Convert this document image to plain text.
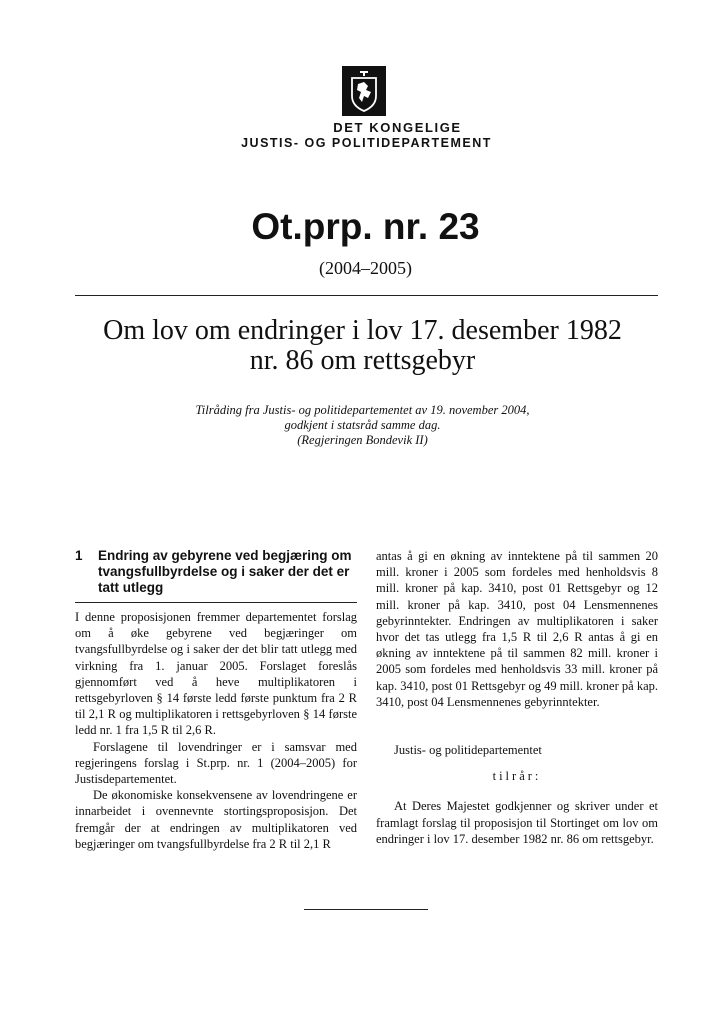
DET KONGELIGE
JUSTIS- OG POLITIDEPARTEMENT
Ot.prp. nr. 23
(2004–2005)
Om lov om endringer i lov 17. desember 1982
nr. 86 om rettsgebyr
Tilråding fra Justis- og politidepartementet av 19. november 2004,
godkjent i statsråd samme dag.
(Regjeringen Bondevik II)
1	Endring av gebyrene ved begjæring om tvangsfullbyrdelse og i saker der det er tatt utlegg

I denne proposisjonen fremmer departementet forslag om å øke gebyrene ved begjæringer om tvangsfullbyrdelse og i saker der det blir tatt utlegg med virkning fra 1. januar 2005. Forslaget foreslås gjennomført ved å heve multiplikatoren i rettsgebyrloven § 14 første ledd første punktum fra 2 R til 2,1 R og multiplikatoren i rettsgebyrloven § 14 første ledd nr. 1 fra 1,5 R til 2,6 R.

Forslagene til lovendringer er i samsvar med regjeringens forslag i St.prp. nr. 1 (2004–2005) for Justisdepartementet.

De økonomiske konsekvensene av lovendringene er innarbeidet i ovennevnte stortingsproposisjon. Det fremgår der at endringen av multiplikatoren ved begjæringer om tvangsfullbyrdelse fra 2 R til 2,1 R

antas å gi en økning av inntektene på til sammen 20 mill. kroner i 2005 som fordeles med henholdsvis 8 mill. kroner på kap. 3410, post 01 Rettsgebyr og 12 mill. kroner på kap. 3410, post 04 Lensmennenes gebyrinntekter. Endringen av multiplikatoren i saker hvor det tas utlegg fra 1,5 R til 2,6 R antas å gi en økning av inntektene på til sammen 82 mill. kroner i 2005 som fordeles med henholdsvis 33 mill. kroner på kap. 3410, post 01 Rettsgebyr og 49 mill. kroner på kap. 3410, post 04 Lensmennenes gebyrinntekter.

Justis- og politidepartementet

tilrår:

At Deres Majestet godkjenner og skriver under et framlagt forslag til proposisjon til Stortinget om lov om endringer i lov 17. desember 1982 nr. 86 om rettsgebyr.
